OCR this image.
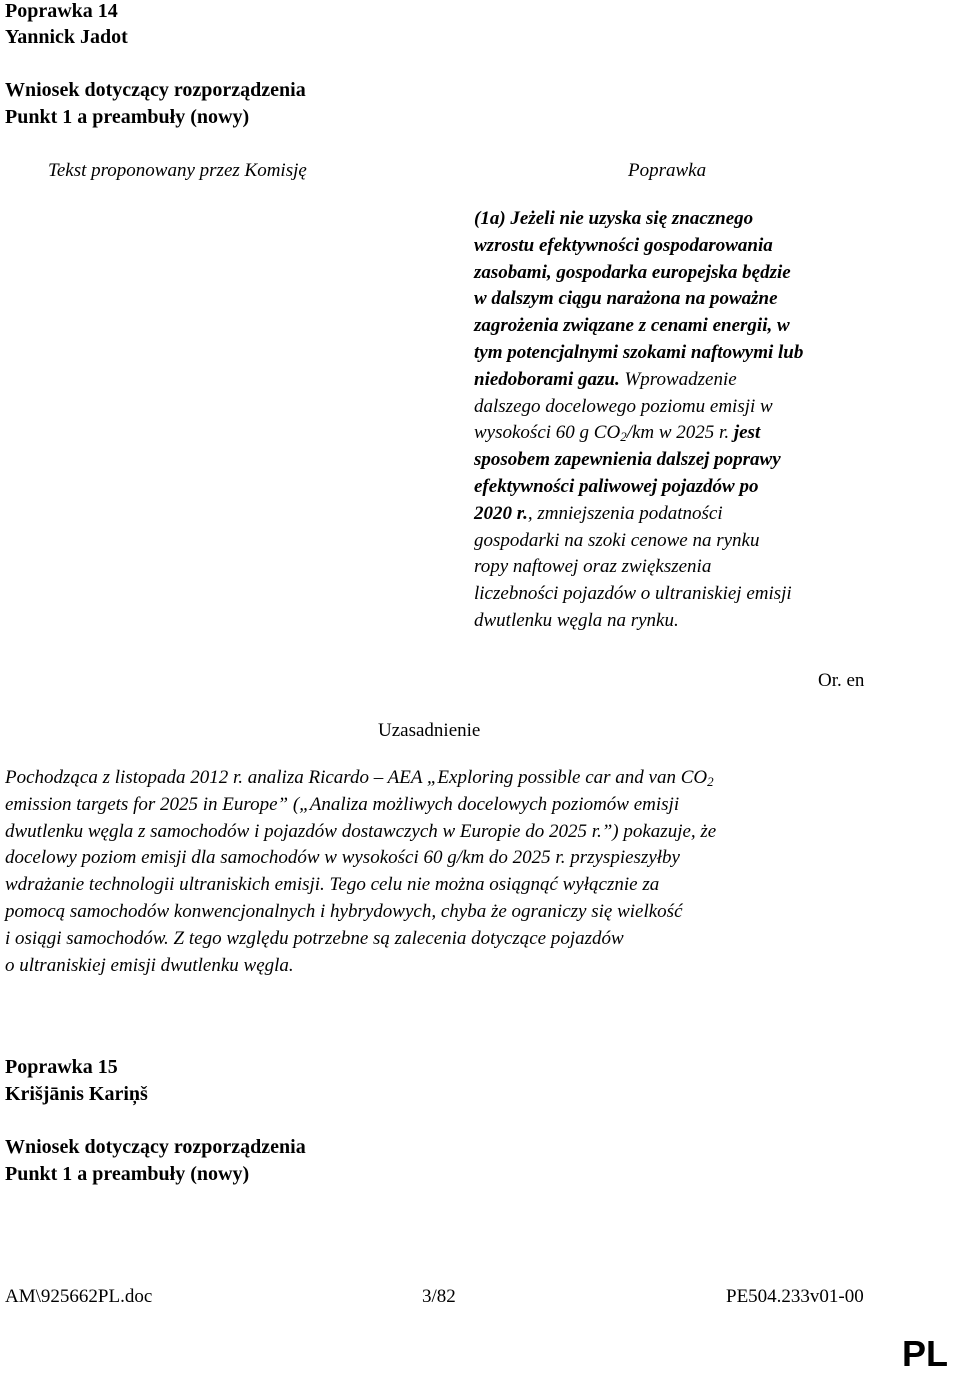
Poprawka 14
Yannick Jadot
Wniosek dotyczący rozporządzenia
Punkt 1 a preambuły (nowy)
Tekst proponowany przez Komisję	Poprawka
(1a) Jeżeli nie uzyska się znacznego
wzrostu efektywności gospodarowania
zasobami, gospodarka europejska będzie
w dalszym ciągu narażona na poważne
zagrożenia związane z cenami energii, w
tym potencjalnymi szokami naftowymi lub
niedoborami gazu. Wprowadzenie
dalszego docelowego poziomu emisji w
wysokości 60 g $CO_2/km$ w 2025 r. jest
sposobem zapewnienia dalszej poprawy
efektywności paliwowej pojazdów po
2020 r., zmniejszenia podatności
gospodarki na szoki cenowe na rynku
ropy naftowej oraz zwiększenia
liczebności pojazdów o ultraniskiej emisji
dwutlenku węgla na rynku.
Or. en
Uzasadnienie
Pochodząca z listopada 2012 r. analiza Ricardo – AEA „Exploring possible car and van $CO_2$
emission targets for 2025 in Europe” („Analiza możliwych docelowych poziomów emisji
dwutlenku węgla z samochodów i pojazdów dostawczych w Europie do 2025 r.”) pokazuje, że
docelowy poziom emisji dla samochodów w wysokości 60 g/km do 2025 r. przyspieszyłby
wdrażanie technologii ultraniskich emisji. Tego celu nie można osiągnąć wyłącznie za
pomocą samochodów konwencjonalnych i hybrydowych, chyba że ograniczy się wielkość
i osiągi samochodów. Z tego względu potrzebne są zalecenia dotyczące pojazdów
o ultraniskiej emisji dwutlenku węgla.
Poprawka 15
Krišjānis Kariņš
Wniosek dotyczący rozporządzenia
Punkt 1 a preambuły (nowy)
AM\925662PL.doc	3/82	PE504.233v01-00
PL
